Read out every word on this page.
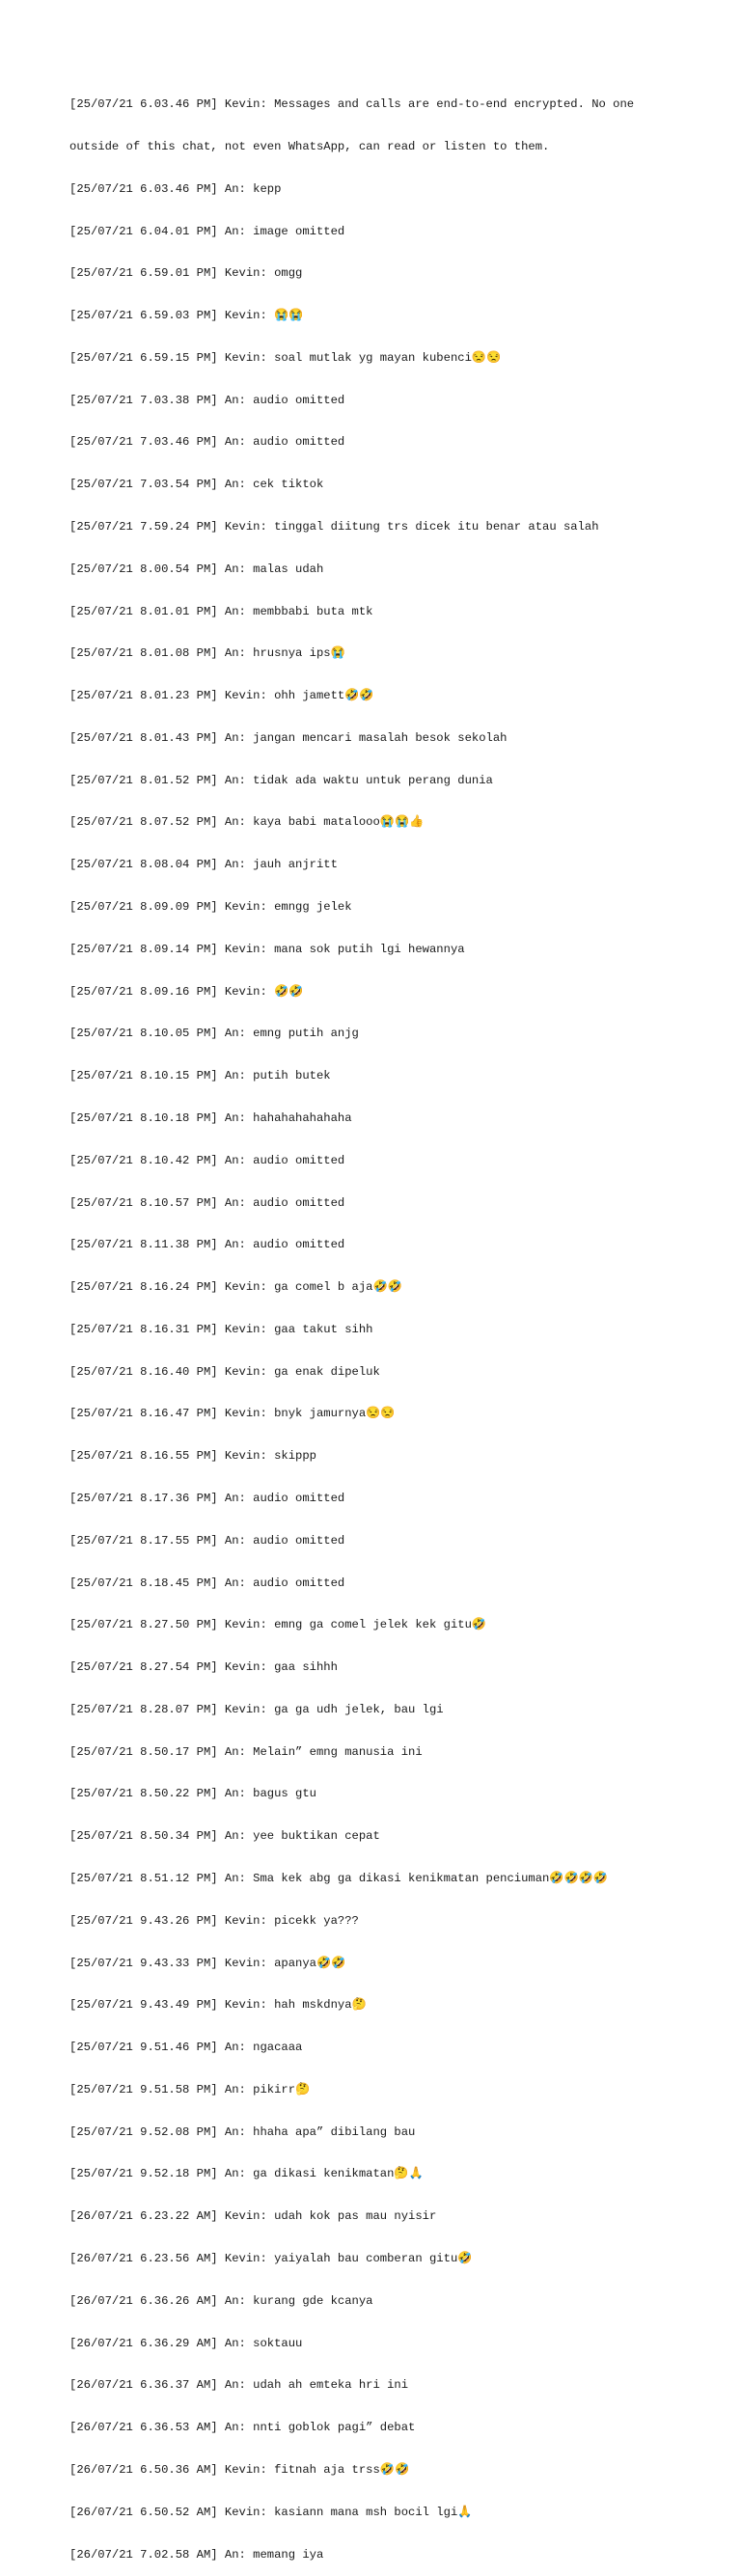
[25/07/21 6.03.46 PM] Kevin: Messages and calls are end-to-end encrypted. No one

outside of this chat, not even WhatsApp, can read or listen to them.

[25/07/21 6.03.46 PM] An: kepp

[25/07/21 6.04.01 PM] An: image omitted

[25/07/21 6.59.01 PM] Kevin: omgg

[25/07/21 6.59.03 PM] Kevin: 😭😭

[25/07/21 6.59.15 PM] Kevin: soal mutlak yg mayan kubenci😒😒

[25/07/21 7.03.38 PM] An: audio omitted

[25/07/21 7.03.46 PM] An: audio omitted

[25/07/21 7.03.54 PM] An: cek tiktok

[25/07/21 7.59.24 PM] Kevin: tinggal diitung trs dicek itu benar atau salah

[25/07/21 8.00.54 PM] An: malas udah

[25/07/21 8.01.01 PM] An: membbabi buta mtk

[25/07/21 8.01.08 PM] An: hrusnya ips😭

[25/07/21 8.01.23 PM] Kevin: ohh jamett🤣🤣

[25/07/21 8.01.43 PM] An: jangan mencari masalah besok sekolah

[25/07/21 8.01.52 PM] An: tidak ada waktu untuk perang dunia

[25/07/21 8.07.52 PM] An: kaya babi matalooo😭😭👍

[25/07/21 8.08.04 PM] An: jauh anjritt

[25/07/21 8.09.09 PM] Kevin: emngg jelek

[25/07/21 8.09.14 PM] Kevin: mana sok putih lgi hewannya

[25/07/21 8.09.16 PM] Kevin: 🤣🤣

[25/07/21 8.10.05 PM] An: emng putih anjg

[25/07/21 8.10.15 PM] An: putih butek

[25/07/21 8.10.18 PM] An: hahahahahahaha

[25/07/21 8.10.42 PM] An: audio omitted

[25/07/21 8.10.57 PM] An: audio omitted

[25/07/21 8.11.38 PM] An: audio omitted

[25/07/21 8.16.24 PM] Kevin: ga comel b aja🤣🤣

[25/07/21 8.16.31 PM] Kevin: gaa takut sihh

[25/07/21 8.16.40 PM] Kevin: ga enak dipeluk

[25/07/21 8.16.47 PM] Kevin: bnyk jamurnya😒😒

[25/07/21 8.16.55 PM] Kevin: skippp

[25/07/21 8.17.36 PM] An: audio omitted

[25/07/21 8.17.55 PM] An: audio omitted

[25/07/21 8.18.45 PM] An: audio omitted

[25/07/21 8.27.50 PM] Kevin: emng ga comel jelek kek gitu🤣

[25/07/21 8.27.54 PM] Kevin: gaa sihhh

[25/07/21 8.28.07 PM] Kevin: ga ga udh jelek, bau lgi

[25/07/21 8.50.17 PM] An: Melain” emng manusia ini

[25/07/21 8.50.22 PM] An: bagus gtu

[25/07/21 8.50.34 PM] An: yee buktikan cepat

[25/07/21 8.51.12 PM] An: Sma kek abg ga dikasi kenikmatan penciuman🤣🤣🤣🤣

[25/07/21 9.43.26 PM] Kevin: picekk ya???

[25/07/21 9.43.33 PM] Kevin: apanya🤣🤣

[25/07/21 9.43.49 PM] Kevin: hah mskdnya🤔

[25/07/21 9.51.46 PM] An: ngacaaa

[25/07/21 9.51.58 PM] An: pikirr🤔

[25/07/21 9.52.08 PM] An: hhaha apa” dibilang bau

[25/07/21 9.52.18 PM] An: ga dikasi kenikmatan🤔🙏

[26/07/21 6.23.22 AM] Kevin: udah kok pas mau nyisir

[26/07/21 6.23.56 AM] Kevin: yaiyalah bau comberan gitu🤣

[26/07/21 6.36.26 AM] An: kurang gde kcanya

[26/07/21 6.36.29 AM] An: soktauu

[26/07/21 6.36.37 AM] An: udah ah emteka hri ini

[26/07/21 6.36.53 AM] An: nnti goblok pagi” debat

[26/07/21 6.50.36 AM] Kevin: fitnah aja trss🤣🤣

[26/07/21 6.50.52 AM] Kevin: kasiann mana msh bocil lgi🙏

[26/07/21 7.02.58 AM] An: memang iya
